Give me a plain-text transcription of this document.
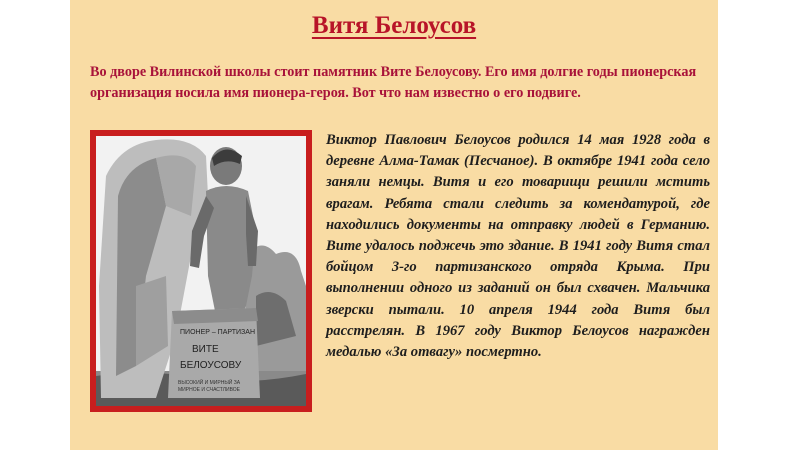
Витя Белоусов

Во дворе Вилинской школы стоит памятник Вите Белоусову. Его имя долгие годы пионерская организация носила имя пионера-героя. Вот что нам известно о его подвиге.

ПИОНЕР – ПАРТИЗАН
ВИТЕ
БЕЛОУСОВУ
ВЫСОКИЙ И МИРНЫЙ ЗА
МИРНОЕ И СЧАСТЛИВОЕ

Виктор Павлович Белоусов родился 14 мая 1928 года в деревне Алма-Тамак (Песчаное). В октябре 1941 года село заняли немцы. Витя и его товарищи решили мстить врагам. Ребята стали следить за комендатурой, где находились документы на отправку людей в Германию. Вите удалось поджечь это здание. В 1941 году Витя стал бойцом 3-го партизанского отряда Крыма. При выполнении одного из заданий он был схвачен. Мальчика зверски пытали. 10 апреля 1944 года Витя был расстрелян. В 1967 году Виктор Белоусов награжден медалью «За отвагу» посмертно.
